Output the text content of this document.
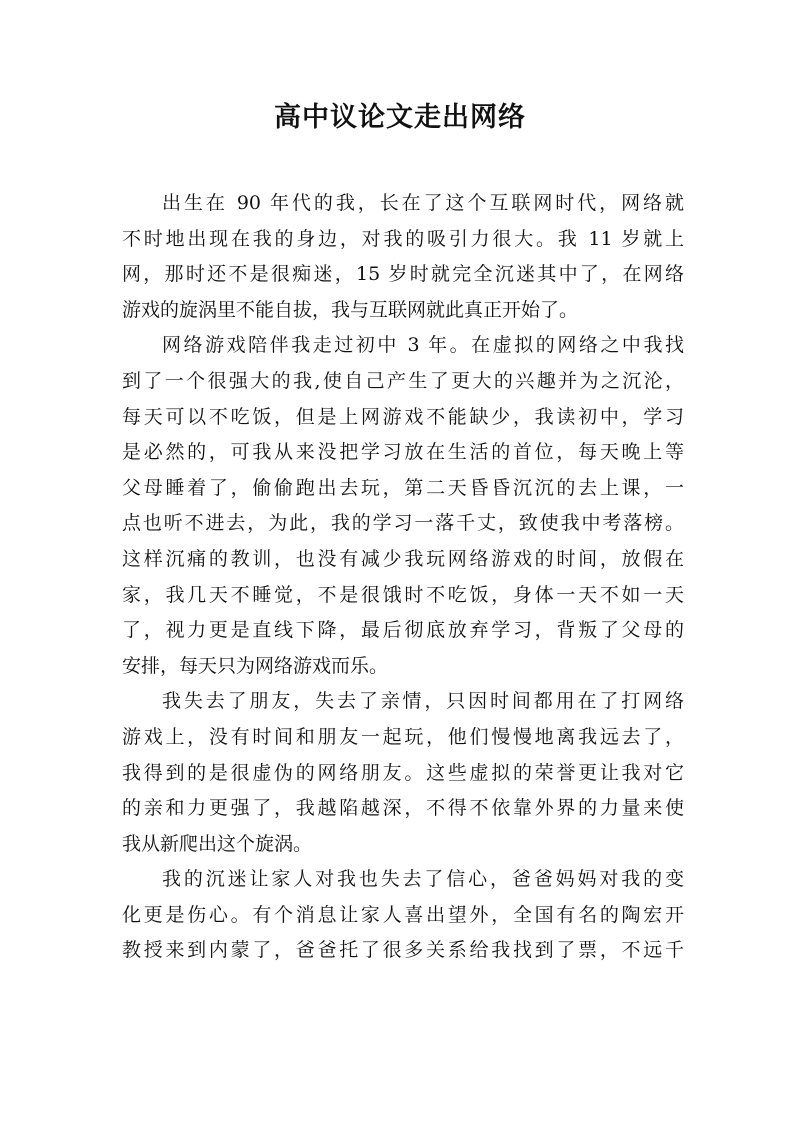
高中议论文走出网络
出生在 90 年代的我，长在了这个互联网时代，网络就
不时地出现在我的身边，对我的吸引力很大。我 11 岁就上
网，那时还不是很痴迷，15 岁时就完全沉迷其中了，在网络
游戏的旋涡里不能自拔，我与互联网就此真正开始了。
网络游戏陪伴我走过初中 3 年。在虚拟的网络之中我找
到了一个很强大的我,使自己产生了更大的兴趣并为之沉沦，
每天可以不吃饭，但是上网游戏不能缺少，我读初中，学习
是必然的，可我从来没把学习放在生活的首位，每天晚上等
父母睡着了，偷偷跑出去玩，第二天昏昏沉沉的去上课，一
点也听不进去，为此，我的学习一落千丈，致使我中考落榜。
这样沉痛的教训，也没有减少我玩网络游戏的时间，放假在
家，我几天不睡觉，不是很饿时不吃饭，身体一天不如一天
了，视力更是直线下降，最后彻底放弃学习，背叛了父母的
安排，每天只为网络游戏而乐。
我失去了朋友，失去了亲情，只因时间都用在了打网络
游戏上，没有时间和朋友一起玩，他们慢慢地离我远去了，
我得到的是很虚伪的网络朋友。这些虚拟的荣誉更让我对它
的亲和力更强了，我越陷越深，不得不依靠外界的力量来使
我从新爬出这个旋涡。
我的沉迷让家人对我也失去了信心，爸爸妈妈对我的变
化更是伤心。有个消息让家人喜出望外，全国有名的陶宏开
教授来到内蒙了，爸爸托了很多关系给我找到了票，不远千
